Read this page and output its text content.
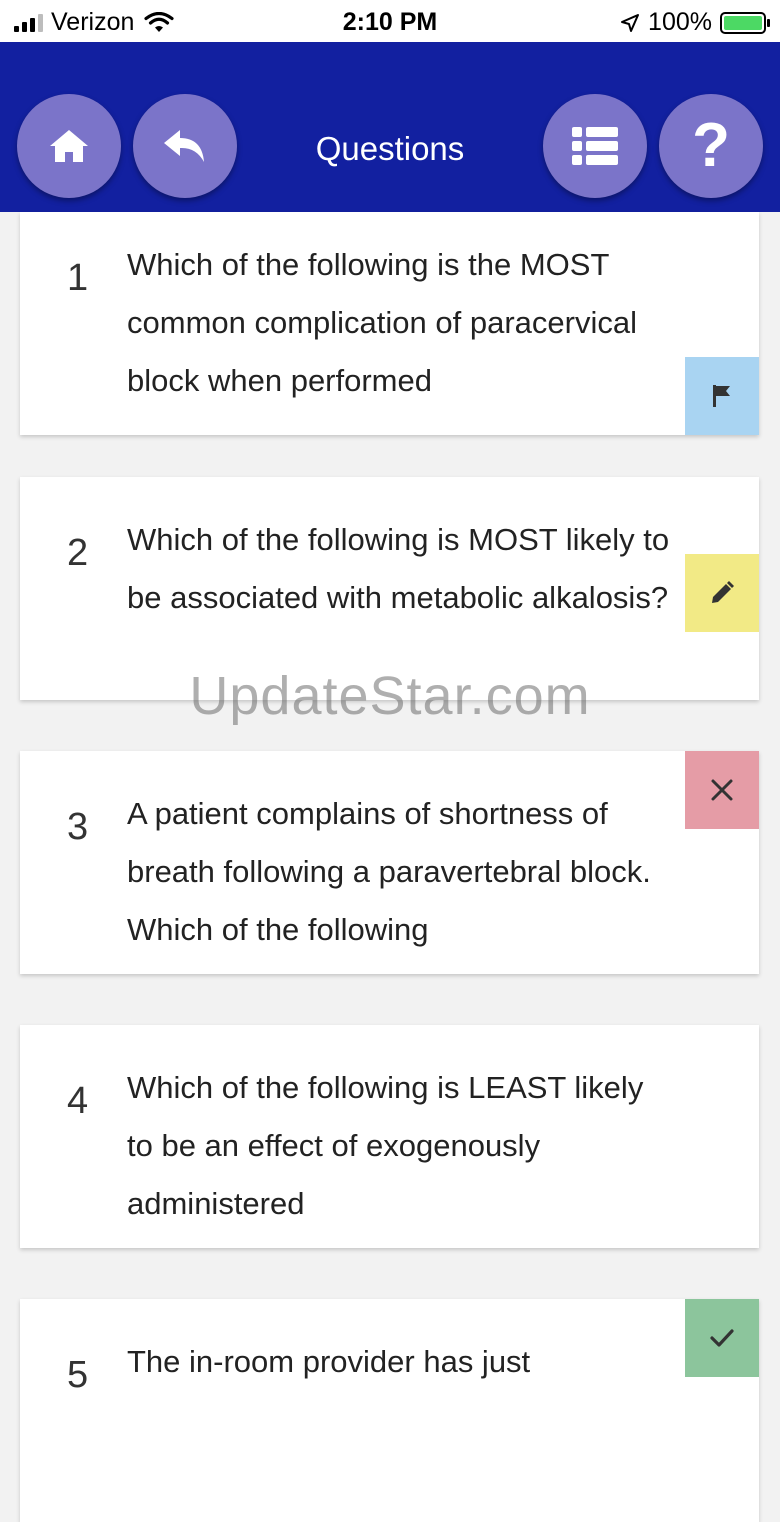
Verizon	2:10 PM	100%
Questions	?
1 Which of the following is the MOST common complication of paracervical block when performed
2 Which of the following is MOST likely to be associated with metabolic alkalosis?
3 A patient complains of shortness of breath following a paravertebral block. Which of the following
4 Which of the following is LEAST likely to be an effect of exogenously administered
5 The in-room provider has just
UpdateStar.com
